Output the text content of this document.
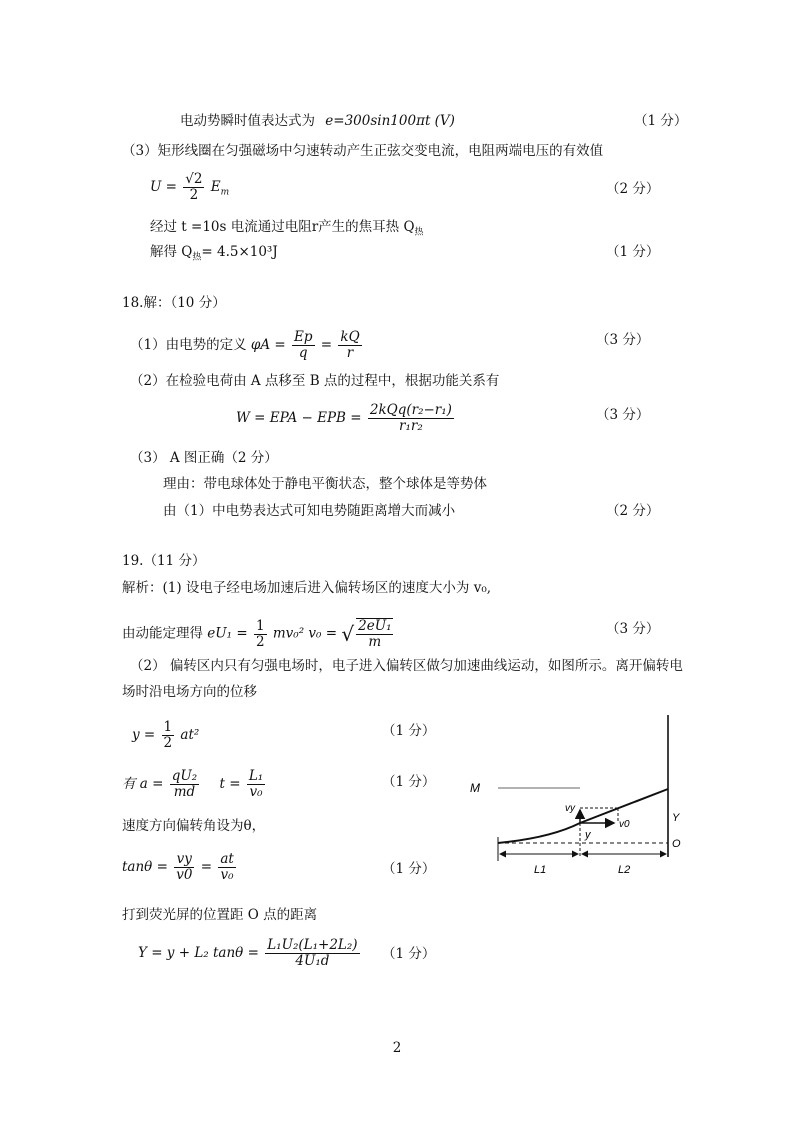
电动势瞬时值表达式为 e=300sin100πt (V)	（1 分）
（3）矩形线圈在匀强磁场中匀速转动产生正弦交变电流，电阻两端电压的有效值
$U = \frac{√2}{2} E_m$	（2 分）
经过 t =10s 电流通过电阻r产生的焦耳热 $Q_热$
解得 $Q_热= 4.5\times 10^3J$	（1 分）
18.解：（10 分）
（1）由电势的定义 $\varphi A = \frac{Ep}{q} = \frac{kQ}{r}$	（3 分）
（2）在检验电荷由 A 点移至 B 点的过程中，根据功能关系有
W = EPA − EPB = $\frac{\text{2kQq(r₂−r₁)}}{\text{r₁r₂}}$	（3 分）
（3） A 图正确（2 分）
理由：带电球体处于静电平衡状态，整个球体是等势体
由（1）中电势表达式可知电势随距离增大而减小	（2 分）
19.（11 分）
解析：(1) 设电子经电场加速后进入偏转场区的速度大小为 v₀,
由动能定理得 $eU_1 = \frac{1}{2} mv_0^2$ v₀ = √ $\frac{\text{2eU₁}}{m}$	（3 分）
（2） 偏转区内只有匀强电场时，电子进入偏转区做匀加速曲线运动，如图所示。离开偏转电
场时沿电场方向的位移
$y = \frac{1}{2} at^2$	（1 分）
有 $a = \frac{\text{qU₂}}{md}$ $t = \frac{\text{L₁}}{\text{v₀}}$	（1 分）
速度方向偏转角设为θ，
$\tan\theta = \frac{vy}{v0} = \frac{at}{\text{v₀}}$	（1 分）
打到荧光屏的位置距 O 点的距离
Y = y + L₂ $\tan\theta = \frac{\text{L₁U₂(L₁+2L₂)}}{\text{4U₁d}} (1$ 分）
M
vy
v0
y
Y
O
L1	L2
2
